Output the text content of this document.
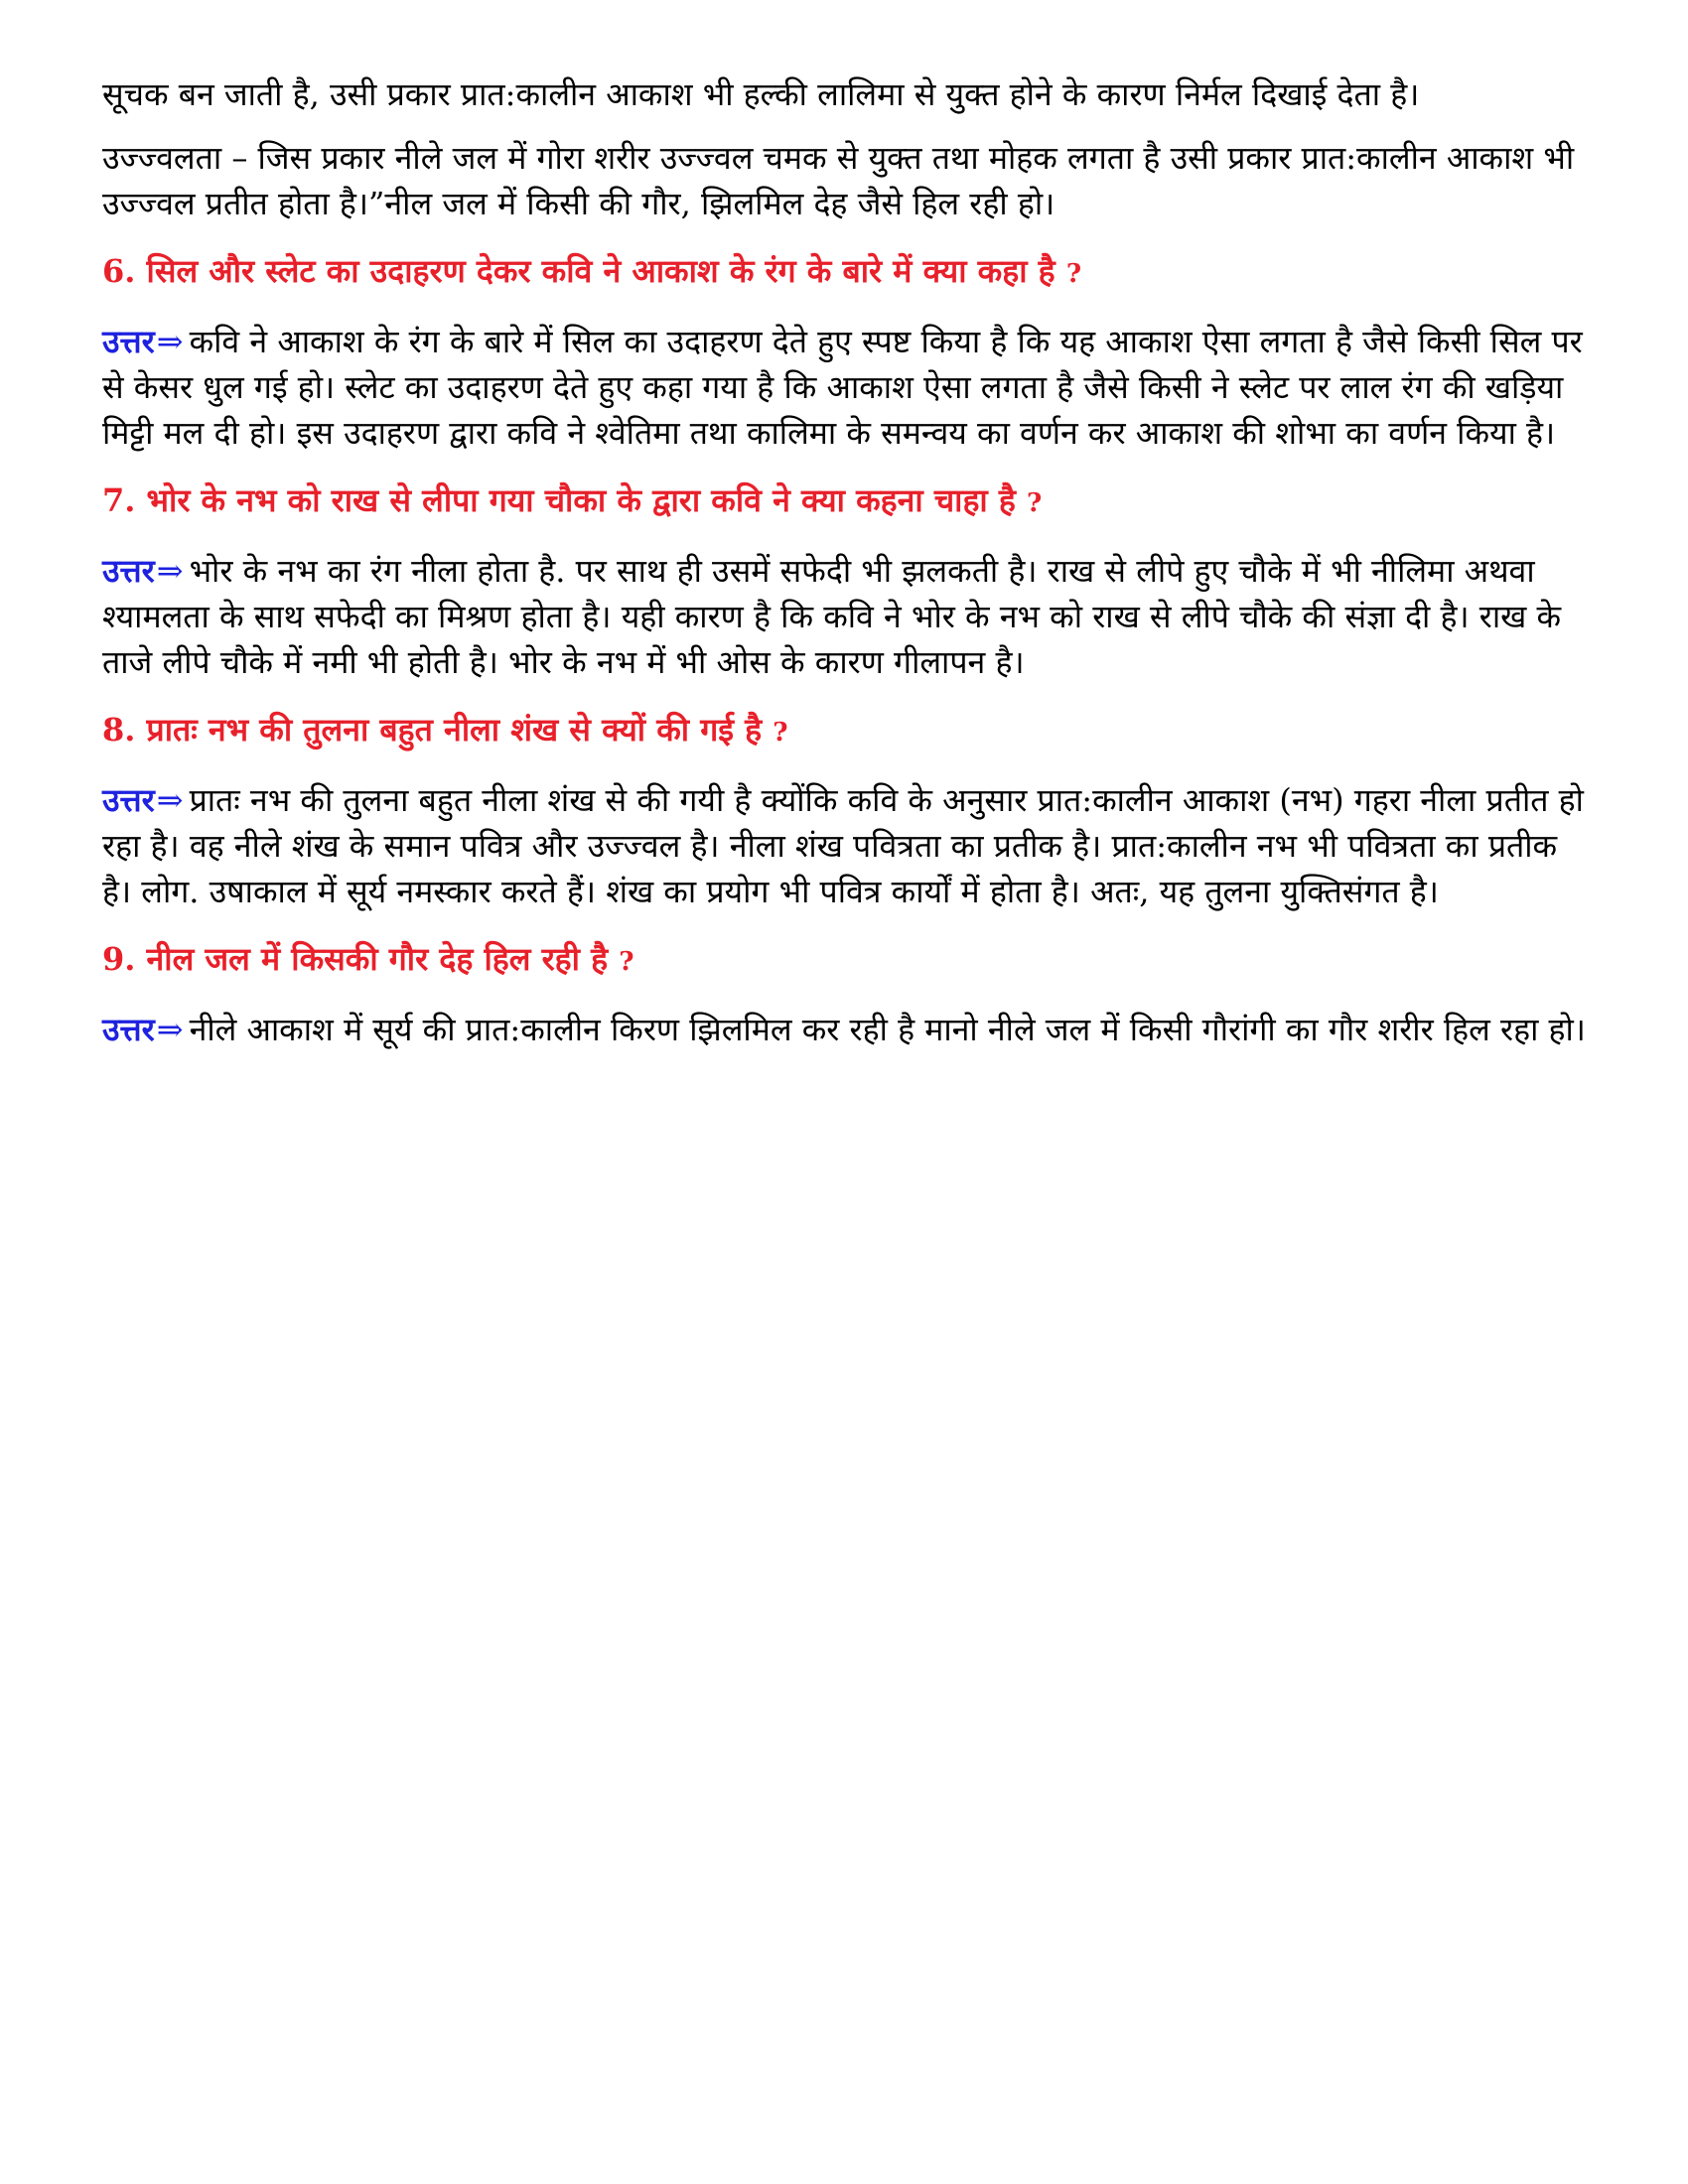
सूचक बन जाती है, उसी प्रकार प्रात:कालीन आकाश भी हल्की लालिमा से युक्त होने के कारण निर्मल दिखाई देता है।

उज्ज्वलता – जिस प्रकार नीले जल में गोरा शरीर उज्ज्वल चमक से युक्त तथा मोहक लगता है उसी प्रकार प्रात:कालीन आकाश भी उज्ज्वल प्रतीत होता है।”नील जल में किसी की गौर, झिलमिल देह जैसे हिल रही हो।

6. सिल और स्लेट का उदाहरण देकर कवि ने आकाश के रंग के बारे में क्या कहा है ?

उत्तर⇒ कवि ने आकाश के रंग के बारे में सिल का उदाहरण देते हुए स्पष्ट किया है कि यह आकाश ऐसा लगता है जैसे किसी सिल पर से केसर धुल गई हो। स्लेट का उदाहरण देते हुए कहा गया है कि आकाश ऐसा लगता है जैसे किसी ने स्लेट पर लाल रंग की खड़िया मिट्टी मल दी हो। इस उदाहरण द्वारा कवि ने श्वेतिमा तथा कालिमा के समन्वय का वर्णन कर आकाश की शोभा का वर्णन किया है।

7. भोर के नभ को राख से लीपा गया चौका के द्वारा कवि ने क्या कहना चाहा है ?

उत्तर⇒ भोर के नभ का रंग नीला होता है. पर साथ ही उसमें सफेदी भी झलकती है। राख से लीपे हुए चौके में भी नीलिमा अथवा श्यामलता के साथ सफेदी का मिश्रण होता है। यही कारण है कि कवि ने भोर के नभ को राख से लीपे चौके की संज्ञा दी है। राख के ताजे लीपे चौके में नमी भी होती है। भोर के नभ में भी ओस के कारण गीलापन है।

8. प्रातः नभ की तुलना बहुत नीला शंख से क्यों की गई है ?

उत्तर⇒ प्रातः नभ की तुलना बहुत नीला शंख से की गयी है क्योंकि कवि के अनुसार प्रात:कालीन आकाश (नभ) गहरा नीला प्रतीत हो रहा है। वह नीले शंख के समान पवित्र और उज्ज्वल है। नीला शंख पवित्रता का प्रतीक है। प्रात:कालीन नभ भी पवित्रता का प्रतीक है। लोग. उषाकाल में सूर्य नमस्कार करते हैं। शंख का प्रयोग भी पवित्र कार्यों में होता है। अतः, यह तुलना युक्तिसंगत है।

9. नील जल में किसकी गौर देह हिल रही है ?

उत्तर⇒ नीले आकाश में सूर्य की प्रात:कालीन किरण झिलमिल कर रही है मानो नीले जल में किसी गौरांगी का गौर शरीर हिल रहा हो।
